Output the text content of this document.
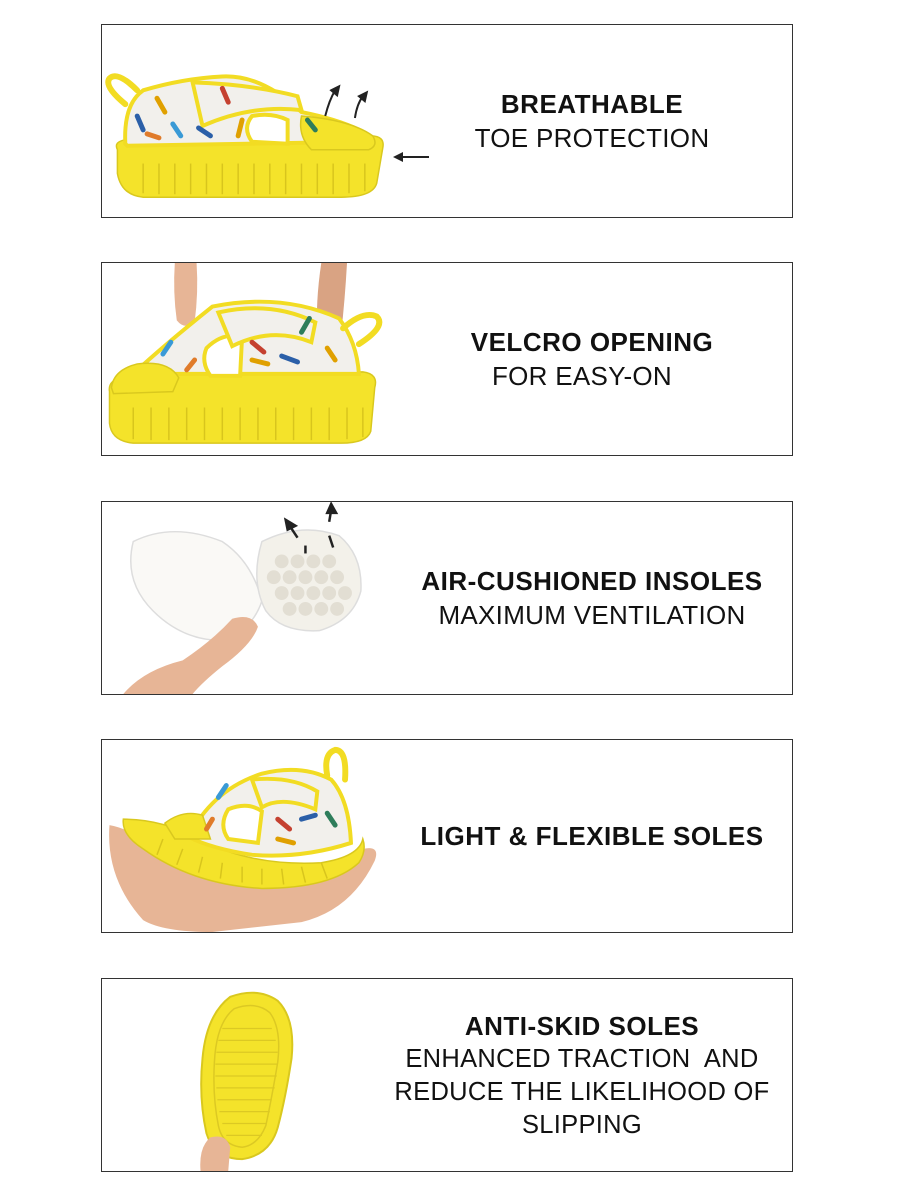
BREATHABLE
TOE PROTECTION
VELCRO OPENING
FOR EASY-ON
AIR-CUSHIONED INSOLES
MAXIMUM VENTILATION
LIGHT & FLEXIBLE SOLES
ANTI-SKID SOLES
ENHANCED TRACTION  AND
REDUCE THE LIKELIHOOD OF
SLIPPING
